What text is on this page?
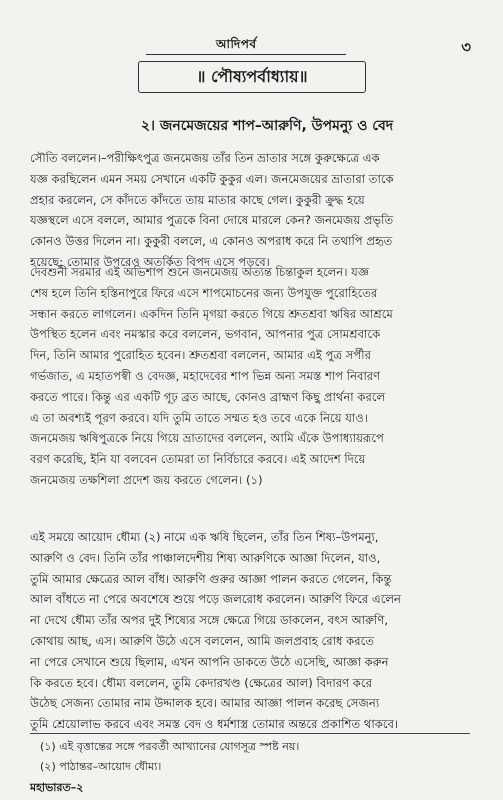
আদিপর্ব	৩
॥ পৌষ্যপর্বাধ্যায়॥
২। জনমেজয়ের শাপ–আরুণি, উপমন্যু ও বেদ
সৌতি বললেন।–পরীক্ষিৎপুত্র জনমেজয় তাঁর তিন ভ্রাতার সঙ্গে কুরুক্ষেত্রে এক
যজ্ঞ করছিলেন এমন সময় সেখানে একটি কুকুর এল। জনমেজয়ের ভ্রাতারা তাকে
প্রহার করলেন, সে কাঁদতে কাঁদতে তায় মাতার কাছে গেল। কুকুরী ক্রুদ্ধ হয়ে
যজ্ঞস্থলে এসে বললে, আমার পুত্রকে বিনা দোষে মারলে কেন? জনমেজয় প্রভৃতি
কোনও উত্তর দিলেন না। কুকুরী বললে, এ কোনও অপরাধ করে নি তথাপি প্রহৃত
হয়েছে; তোমার উপরেও অতর্কিত বিপদ এসে পড়বে।
দেবশুনী সরমার এই অভিশাপ শুনে জনমেজয় অত্যন্ত চিন্তাকুল হলেন। যজ্ঞ
শেষ হলে তিনি হস্তিনাপুরে ফিরে এসে শাপমোচনের জন্য উপযুক্ত পুরোহিতের
সন্ধান করতে লাগলেন। একদিন তিনি মৃগয়া করতে গিয়ে শ্রুতশ্রবা ঋষির আশ্রমে
উপস্থিত হলেন এবং নমস্কার করে বললেন, ভগবান, আপনার পুত্র সোমশ্রবাকে
দিন, তিনি আমার পুরোহিত হবেন। শ্রুতশ্রবা বললেন, আমার এই পুত্র সর্পীর
গর্ভজাত, এ মহাতপস্বী ও বেদজ্ঞ, মহাদেবের শাপ ভিন্ন অন্য সমস্ত শাপ নিবারণ
করতে পারে। কিন্তু এর একটি গূঢ় ব্রত আছে, কোনও ব্রাহ্মণ কিছু প্রার্থনা করলে
এ তা অবশ্যই পূরণ করবে। যদি তুমি তাতে সম্মত হও তবে একে নিয়ে যাও।
জনমেজয় ঋষিপুত্রকে নিয়ে গিয়ে ভ্রাতাদের বললেন, আমি এঁকে উপাধ্যায়রূপে
বরণ করেছি, ইনি যা বলবেন তোমরা তা নির্বিচারে করবে। এই আদেশ দিয়ে
জনমেজয় তক্ষশিলা প্রদেশ জয় করতে গেলেন। (১)
এই সময়ে আয়োদ ধৌম্য (২) নামে এক ঋষি ছিলেন, তাঁর তিন শিষ্য–উপমন্যু,
আরুণি ও বেদ। তিনি তাঁর পাঞ্চালদেশীয় শিষ্য আরুণিকে আজ্ঞা দিলেন, যাও,
তুমি আমার ক্ষেত্রের আল বাঁধ। আরুণি গুরুর আজ্ঞা পালন করতে গেলেন, কিন্তু
আল বাঁধতে না পেরে অবশেষে শুয়ে পড়ে জলরোধ করলেন। আরুণি ফিরে এলেন
না দেখে ধৌম্য তাঁর অপর দুই শিষ্যের সঙ্গে ক্ষেত্রে গিয়ে ডাকলেন, বৎস আরুণি,
কোথায় আছ, এস। আরুণি উঠে এসে বললেন, আমি জলপ্রবাহ রোধ করতে
না পেরে সেখানে শুয়ে ছিলাম, এখন আপনি ডাকতে উঠে এসেছি, আজ্ঞা করুন
কি করতে হবে। ধৌম্য বললেন, তুমি কেদারখণ্ড (ক্ষেত্রের আল) বিদারণ করে
উঠেছ সেজন্য তোমার নাম উদ্দালক হবে। আমার আজ্ঞা পালন করেছ সেজন্য
তুমি শ্রেয়োলাভ করবে এবং সমস্ত বেদ ও ধর্মশাস্ত্র তোমার অন্তরে প্রকাশিত থাকবে।
(১) এই বৃত্তান্তের সঙ্গে পরবর্তী আখ্যানের যোগসূত্র স্পষ্ট নয়।
(২) পাঠান্তর–আয়োদ ধৌম্য।
মহাভারত–২
